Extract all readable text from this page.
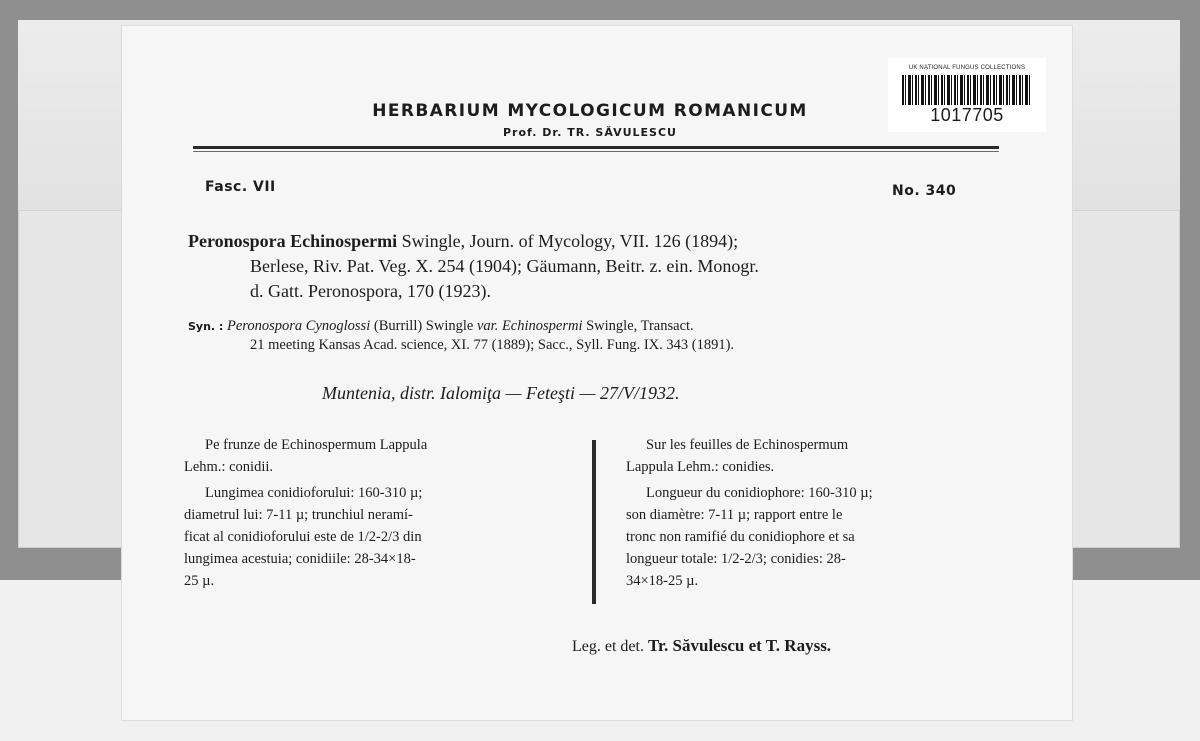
UK NATIONAL FUNGUS COLLECTIONS
1017705
HERBARIUM MYCOLOGICUM ROMANICUM
Prof. Dr. TR. SĂVULESCU
Fasc. VII	No. 340
Peronospora Echinospermi Swingle, Journ. of Mycology, VII. 126 (1894);
Berlese, Riv. Pat. Veg. X. 254 (1904); Gäumann, Beitr. z. ein. Monogr.
d. Gatt. Peronospora, 170 (1923).
Syn. : Peronospora Cynoglossi (Burrill) Swingle var. Echinospermi Swingle, Transact.
21 meeting Kansas Acad. science, XI. 77 (1889); Sacc., Syll. Fung. IX. 343 (1891).
Muntenia, distr. Ialomiţa — Feteşti — 27/V/1932.
Pe frunze de Echinospermum Lappula
Lehm.: conidii.
Lungimea conidioforului: 160-310 µ;
diametrul lui: 7-11 µ; trunchiul neramí-
ficat al conidioforului este de 1/2-2/3 din
lungimea acestuia; conidiile: 28-34×18-
25 µ.
Sur les feuilles de Echinospermum
Lappula Lehm.: conidies.
Longueur du conidiophore: 160-310 µ;
son diamètre: 7-11 µ; rapport entre le
tronc non ramifié du conidiophore et sa
longueur totale: 1/2-2/3; conidies: 28-
34×18-25 µ.
Leg. et det. Tr. Săvulescu et T. Rayss.
